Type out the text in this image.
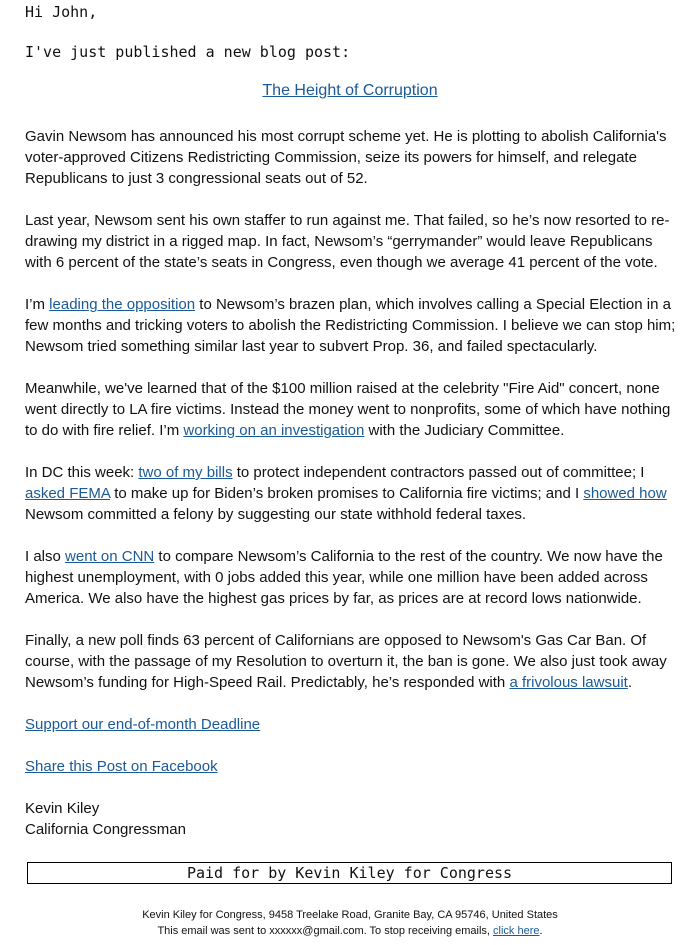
Hi John,
I've just published a new blog post:
The Height of Corruption

Gavin Newsom has announced his most corrupt scheme yet. He is plotting to abolish California's voter-approved Citizens Redistricting Commission, seize its powers for himself, and relegate Republicans to just 3 congressional seats out of 52.

Last year, Newsom sent his own staffer to run against me. That failed, so he’s now resorted to re-drawing my district in a rigged map. In fact, Newsom’s “gerrymander” would leave Republicans with 6 percent of the state’s seats in Congress, even though we average 41 percent of the vote.

I’m leading the opposition to Newsom’s brazen plan, which involves calling a Special Election in a few months and tricking voters to abolish the Redistricting Commission. I believe we can stop him; Newsom tried something similar last year to subvert Prop. 36, and failed spectacularly.

Meanwhile, we've learned that of the $100 million raised at the celebrity "Fire Aid" concert, none went directly to LA fire victims. Instead the money went to nonprofits, some of which have nothing to do with fire relief. I’m working on an investigation with the Judiciary Committee.

In DC this week: two of my bills to protect independent contractors passed out of committee; I asked FEMA to make up for Biden’s broken promises to California fire victims; and I showed how Newsom committed a felony by suggesting our state withhold federal taxes.

I also went on CNN to compare Newsom’s California to the rest of the country. We now have the highest unemployment, with 0 jobs added this year, while one million have been added across America. We also have the highest gas prices by far, as prices are at record lows nationwide.

Finally, a new poll finds 63 percent of Californians are opposed to Newsom's Gas Car Ban. Of course, with the passage of my Resolution to overturn it, the ban is gone. We also just took away Newsom’s funding for High-Speed Rail. Predictably, he’s responded with a frivolous lawsuit.

Support our end-of-month Deadline

Share this Post on Facebook

Kevin Kiley

California Congressman

Paid for by Kevin Kiley for Congress
Kevin Kiley for Congress, 9458 Treelake Road, Granite Bay, CA 95746, United States
This email was sent to xxxxxx@gmail.com. To stop receiving emails, click here.
